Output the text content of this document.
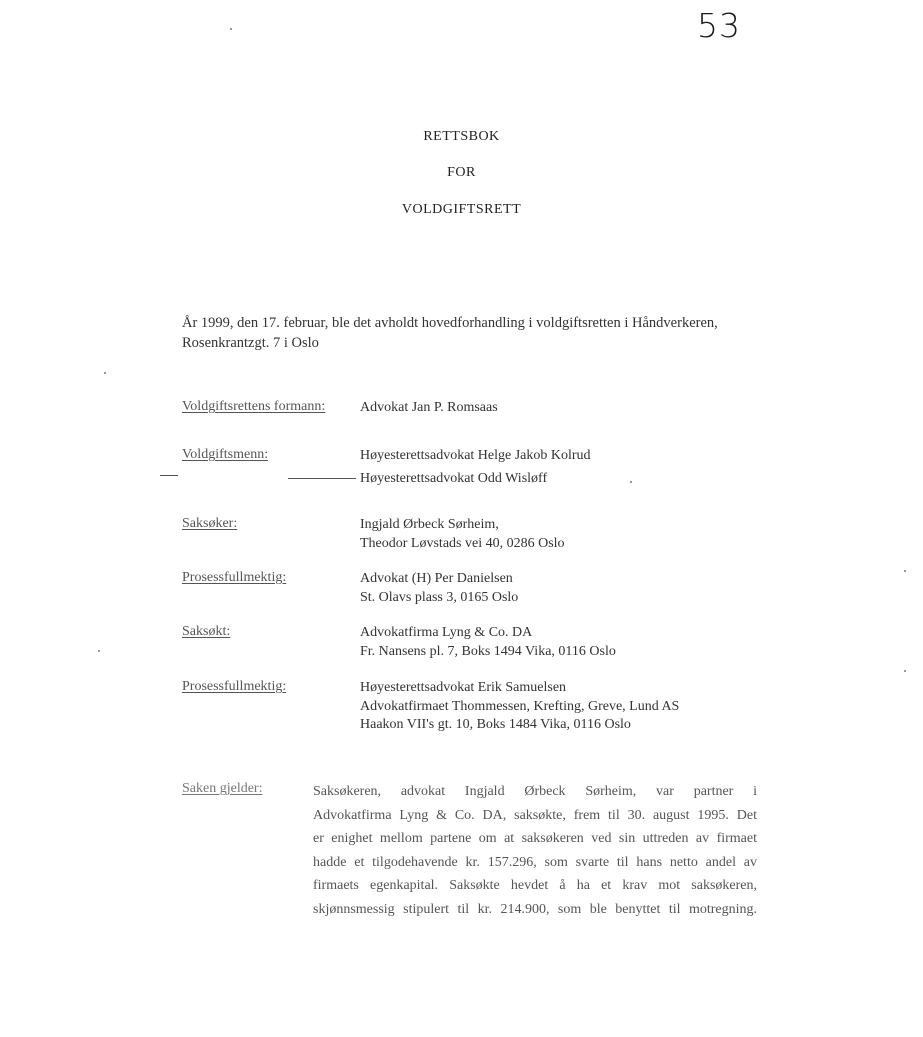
53
RETTSBOK
FOR
VOLDGIFTSRETT
År 1999, den 17. februar, ble det avholdt hovedforhandling i voldgiftsretten i Håndverkeren,
Rosenkrantzgt. 7 i Oslo
Voldgiftsrettens formann: Advokat Jan P. Romsaas
Voldgiftsmenn:	Høyesterettsadvokat Helge Jakob Kolrud
Høyesterettsadvokat Odd Wisløff
Saksøker:	Ingjald Ørbeck Sørheim,
Theodor Løvstads vei 40, 0286 Oslo
Prosessfullmektig:	Advokat (H) Per Danielsen
St. Olavs plass 3, 0165 Oslo
Saksøkt:	Advokatfirma Lyng & Co. DA
Fr. Nansens pl. 7, Boks 1494 Vika, 0116 Oslo
Prosessfullmektig:	Høyesterettsadvokat Erik Samuelsen
Advokatfirmaet Thommessen, Krefting, Greve, Lund AS
Haakon VII's gt. 10, Boks 1484 Vika, 0116 Oslo
Saken gjelder:	Saksøkeren, advokat Ingjald Ørbeck Sørheim, var partner i
Advokatfirma Lyng & Co. DA, saksøkte, frem til 30. august 1995. Det
er enighet mellom partene om at saksøkeren ved sin uttreden av firmaet
hadde et tilgodehavende kr. 157.296, som svarte til hans netto andel av
firmaets egenkapital. Saksøkte hevdet å ha et krav mot saksøkeren,
skjønnsmessig stipulert til kr. 214.900, som ble benyttet til motregning.
